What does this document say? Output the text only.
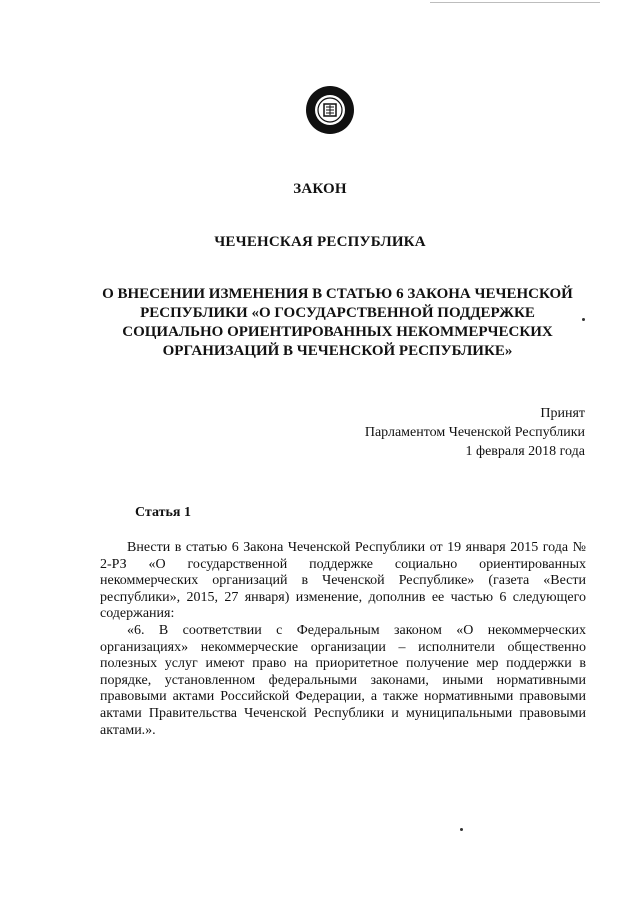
ЗАКОН
ЧЕЧЕНСКАЯ РЕСПУБЛИКА
О ВНЕСЕНИИ ИЗМЕНЕНИЯ В СТАТЬЮ 6 ЗАКОНА ЧЕЧЕНСКОЙ
РЕСПУБЛИКИ «О ГОСУДАРСТВЕННОЙ ПОДДЕРЖКЕ
СОЦИАЛЬНО ОРИЕНТИРОВАННЫХ НЕКОММЕРЧЕСКИХ
ОРГАНИЗАЦИЙ В ЧЕЧЕНСКОЙ РЕСПУБЛИКЕ»
Принят
Парламентом Чеченской Республики
1 февраля 2018 года
Статья 1

Внести в статью 6 Закона Чеченской Республики от 19 января 2015 года № 2-РЗ «О государственной поддержке социально ориентированных некоммерческих организаций в Чеченской Республике» (газета «Вести республики», 2015, 27 января) изменение, дополнив ее частью 6 следующего содержания:

«6. В соответствии с Федеральным законом «О некоммерческих организациях» некоммерческие организации – исполнители общественно полезных услуг имеют право на приоритетное получение мер поддержки в порядке, установленном федеральными законами, иными нормативными правовыми актами Российской Федерации, а также нормативными правовыми актами Правительства Чеченской Республики и муниципальными правовыми актами.».
